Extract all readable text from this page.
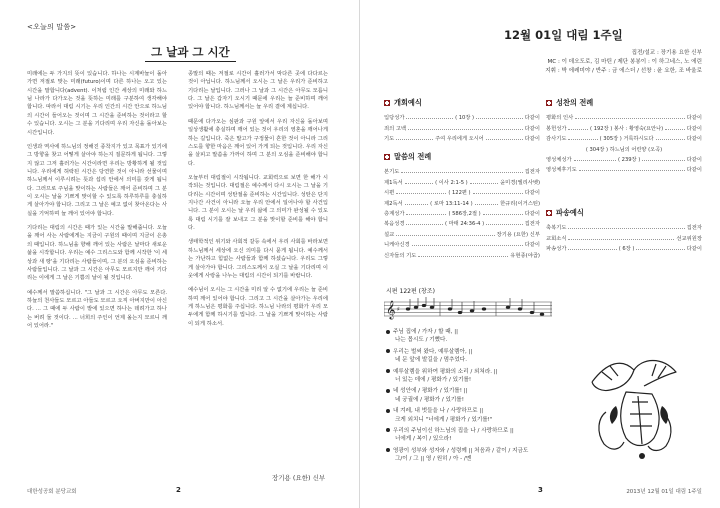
<오늘의 말씀>
그 날과 그 시간

미래에는 두 가지의 뜻이 있습니다. 하나는 시계바늘이 돌아가면 저절로 맞는 미래(futuro)이며 다른 하나는 오고 있는 시간을 말합니다(advent). 이처럼 인간 세상의 미래와 하느님 나라가 다가오는 것을 뜻하는 미래를 구분하여 생각해야 합니다. 따라서 대림 시기는 우리 인간의 시간 안으로 하느님의 시간이 들어오는 것이며 그 시간을 준비하는 것이라고 할 수 있습니다. 오시는 그 분을 기다리며 우리 자신을 돌아보는 시간입니다.

인생과 역사에 하느님의 정해진 종착지가 있고 목표가 있기에 그 방향을 찾고 어떻게 살아야 하는지 질문하게 됩니다. 그렇지 않고 그저 흘러가는 시간이라면 우리는 방황하게 될 것입니다. 우리에게 허락된 시간은 당연한 것이 아니라 선물이며 하느님께서 이루시려는 뜻과 섭리 안에서 의미를 갖게 됩니다. 그러므로 주님을 맞이하는 사람들은 깨어 준비하며 그 분이 오시는 날을 기쁘게 맞이할 수 있도록 하루하루를 충실하게 살아가야 합니다. 그리고 그 날은 예고 없이 찾아온다는 사실을 기억하며 늘 깨어 있어야 합니다.

기다리는 대림의 시간은 때가 있는 시간을 말해줍니다. 오늘을 깨어 사는 사람에게는 지금이 구원의 때이며 지금이 은총의 때입니다. 하느님을 향해 깨어 있는 사람은 날마다 새로운 삶을 시작합니다. 우리는 예수 그리스도와 함께 시작한 '이 세상과 새 땅'을 기다리는 사람들이며, 그 분의 오심을 준비하는 사람들입니다. 그 날과 그 시간은 아무도 모르지만 깨어 기다리는 이에게 그 날은 기쁨의 날이 될 것입니다.

예수께서 말씀하십니다. "그 날과 그 시간은 아무도 모른다. 하늘의 천사들도 모르고 아들도 모르고 오직 아버지만이 아신다. ... 그 때에 두 사람이 밭에 있으면 하나는 데려가고 하나는 버려 둘 것이다. ... 너희의 주인이 언제 올는지 모르니 깨어 있어라."

종말의 때는 저절로 시간이 흘러가서 막다른 곳에 다다르는 것이 아닙니다. 하느님께서 오시는 그 날은 우리가 준비하고 기다리는 날입니다. 그러나 그 날과 그 시간은 아무도 모릅니다. 그 날은 갑자기 오시기 때문에 우리는 늘 준비하며 깨어 있어야 합니다. 하느님께서는 늘 우리 곁에 계십니다.

때문에 다가오는 심판과 구원 앞에서 우리 자신을 돌아보며 일상생활에 충실하며 깨어 있는 것이 우리의 영혼을 깨어나게 하는 길입니다. 죽은 말고가 구정물이 흔한 것이 아니라 그리스도를 향한 마음은 깨어 있어 가게 되는 것입니다. 우리 자신을 살피고 말씀을 가까이 하며 그 분의 오심을 준비해야 합니다.

오늘부터 대림절이 시작됩니다. 교회력으로 보면 한 해가 시작되는 것입니다. 대림절은 예수께서 다시 오시는 그 날을 기다리는 시간이며 성탄절을 준비하는 시간입니다. 성탄은 단지 지나간 사건이 아니라 오늘 우리 안에서 일어나야 할 사건입니다. 그 분이 오시는 날 우리 삶에 그 의미가 완성될 수 있도록 대림 시기를 잘 보내고 그 분을 맞이할 준비를 해야 합니다.

생태학적인 위기와 사회적 갈등 속에서 우리 사회를 바라보면 하느님께서 세상에 오신 의미를 다시 묻게 됩니다. 예수께서는 가난하고 힘없는 사람들과 함께 하셨습니다. 우리도 그렇게 살아가야 합니다. 그리스도께서 오실 그 날을 기다리며 이웃에게 사랑을 나누는 대림의 시간이 되기를 바랍니다.

예수님이 오시는 그 시간을 미리 알 수 없기에 우리는 늘 준비하며 깨어 있어야 합니다. 그리고 그 시간을 살아가는 우리에게 하느님은 평화를 주십니다. 하느님 나라의 평화가 우리 모두에게 함께 하시기를 빕니다. 그 날을 기쁘게 맞이하는 사람이 되게 하소서.

장기용 (요한) 신부
대한성공회 분당교회	2
12월 01일 대림 1주일
집전/설교 : 장기용 요한 신부
MC : 이 데오도로, 김 마틴 / 제단 봉봉이 : 이 하그네스, 노 에린
지휘 : 박 에레미야 / 반주 : 금 에스더 / 선창 : 윤 요한, 조 바울로
개회예식
입당성가	( 10장 )	다같이
죄의 고백	다같이
기도	주여 우리에게 오시어	다같이
말씀의 전례
본기도	집전자
제1독서	( 이사 2:1-5 )	윤미경(엘리사벳)
시편	( 122편 )	다같이
제2독서	( 로마 13:11-14 )	한규리(이거스틴)
층계성가	( 586장,2절 )	다같이
복음성경	( 마태 24:36-4 )	집전자
설교	장기용 (요한) 신부
니케아신경	다같이
신자들의 기도	유현종(야곱)
성찬의 전례
평화의 인사	다같이
봉헌성가	( 192장 ) 봉사 : 황영숙(요안나)	다같이
감사기도	( 305장 ) 거룩하시도다	다같이
( 304장 ) 하느님의 어린양 (오곡)
영성체성가	( 239장 )	다같이
영성체후기도	다같이
파송예식
축복기도	집전자
교회소식	선교위원장
파송성가	( 6장 )	다같이
시편 122편 (창조)
𝄞 ♯
주님 집에 / 가자 / 할 때, ||
나는 몹시도 / 기뻤다.
우리는 벌써 왔다, 예루살렘아, ||
네 문 앞에 발길을 / 멈추었다.
예루살렘을 위하여 평화의 소리 / 외쳐라. ||
너 있는 데에 / 평화가 / 있기를!
네 성안에 / 평화가 / 있기를! ||
네 궁궐에 / 평화가 / 있기를!
내 겨레, 내 벗들을 나 / 사랑하므로 ||
크게 외치니 "너에게 / 평화가 / 있기를!"
우리의 주님이신 하느님의 집을 나 / 사랑하므로 ||
너에게 / 복이 / 있으라!
영광이 성부와 성자와 / 성령께 || 처음과 / 같이 / 지금도
그/이 / 그 || 영 / 원히 / 아 - /멘
3	2013년 12월 01일 대림 1주일
